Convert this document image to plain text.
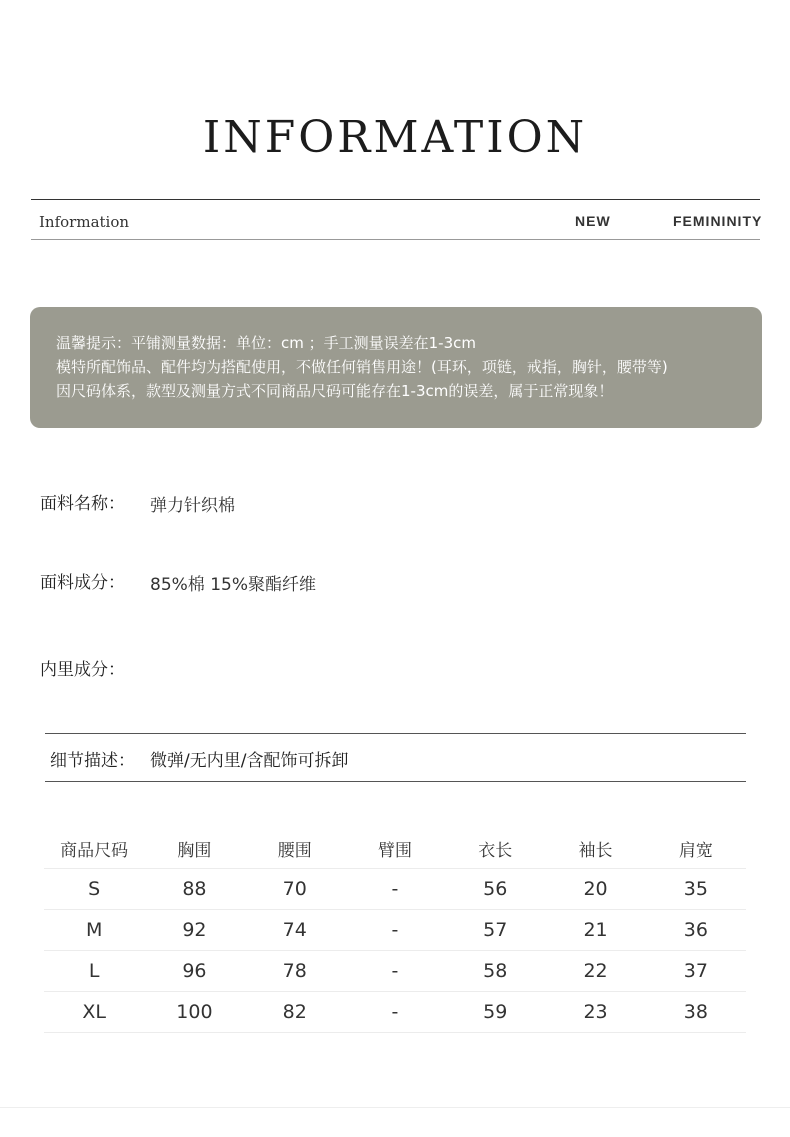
INFORMATION
Information	NEW	FEMININITY
温馨提示：平铺测量数据：单位：cm ；手工测量误差在1-3cm
模特所配饰品、配件均为搭配使用，不做任何销售用途！(耳环，项链，戒指，胸针，腰带等)
因尺码体系，款型及测量方式不同商品尺码可能存在1-3cm的误差，属于正常现象！
面料名称： 弹力针织棉
面料成分： 85%棉 15%聚酯纤维
内里成分：
细节描述： 微弹/无内里/含配饰可拆卸
商品尺码	胸围	腰围	臂围	衣长	袖长	肩宽
S	88	70	-	56	20	35
M	92	74	-	57	21	36
L	96	78	-	58	22	37
XL	100	82	-	59	23	38
